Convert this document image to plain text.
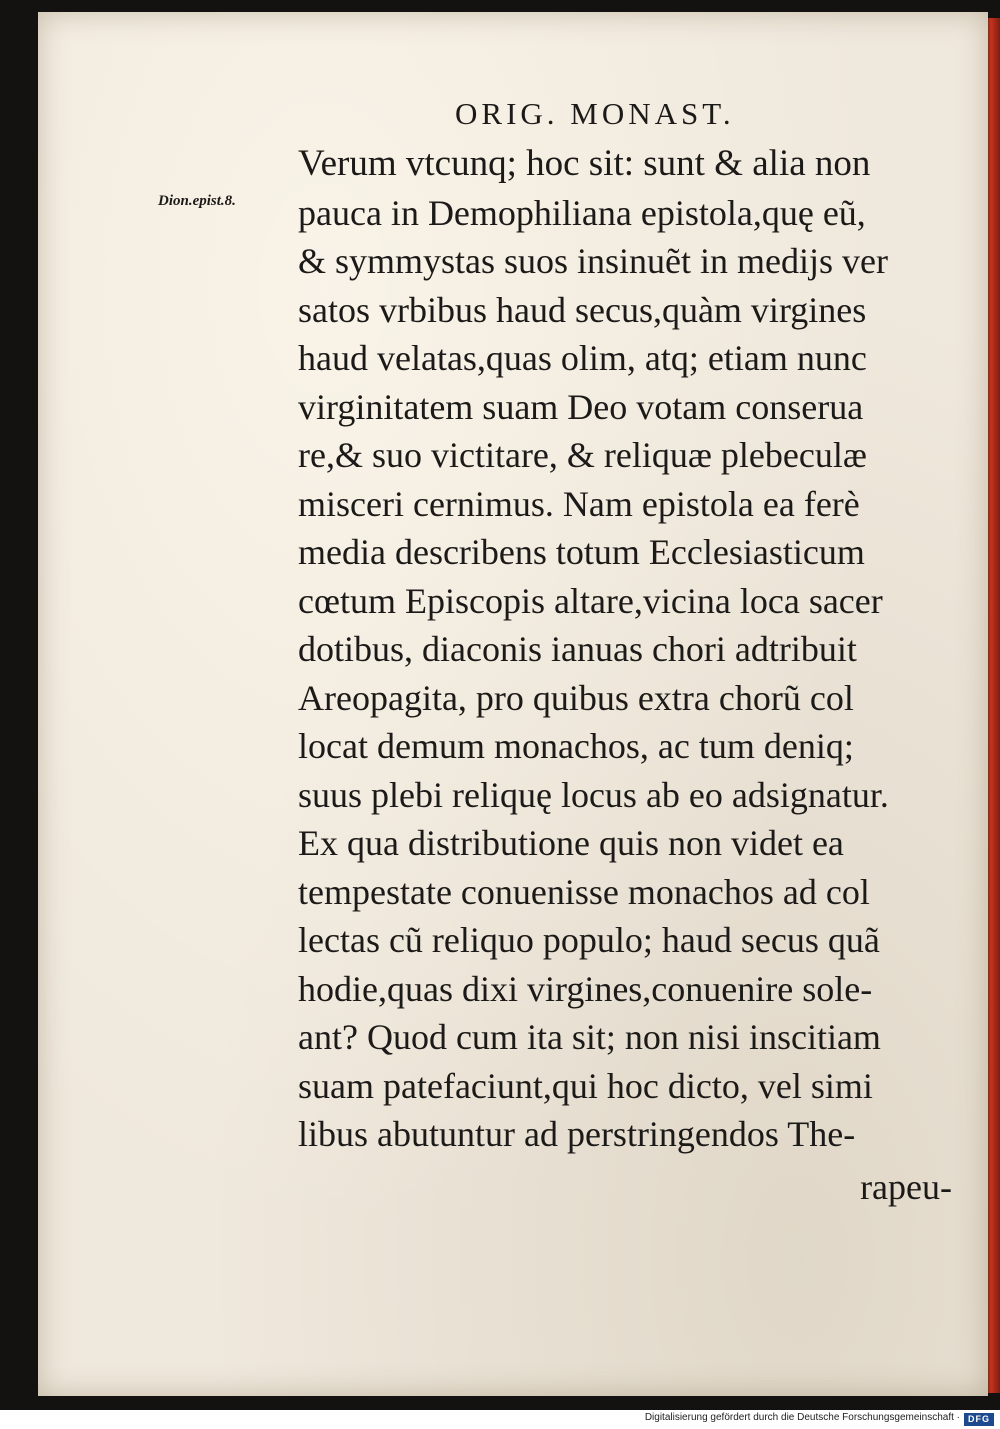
ORIG. MONAST.
Dion.epist.8.
Verum vtcunq; hoc sit: sunt & alia non
pauca in Demophiliana epistola,quę eũ,
& symmystas suos insinuẽt in medijs ver
satos vrbibus haud secus,quàm virgines
haud velatas,quas olim, atq; etiam nunc
virginitatem suam Deo votam conserua
re,& suo victitare, & reliquæ plebeculæ
misceri cernimus. Nam epistola ea ferè
media describens totum Ecclesiasticum
cœtum Episcopis altare,vicina loca sacer
dotibus, diaconis ianuas chori adtribuit
Areopagita, pro quibus extra chorũ col
locat demum monachos, ac tum deniq;
suus plebi reliquę locus ab eo adsignatur.
Ex qua distributione quis non videt ea
tempestate conuenisse monachos ad col
lectas cũ reliquo populo; haud secus quã
hodie,quas dixi virgines,conuenire sole-
ant? Quod cum ita sit; non nisi inscitiam
suam patefaciunt,qui hoc dicto, vel simi
libus abutuntur ad perstringendos The-
rapeu-
Digitalisierung gefördert durch die Deutsche Forschungsgemeinschaft · DFG
